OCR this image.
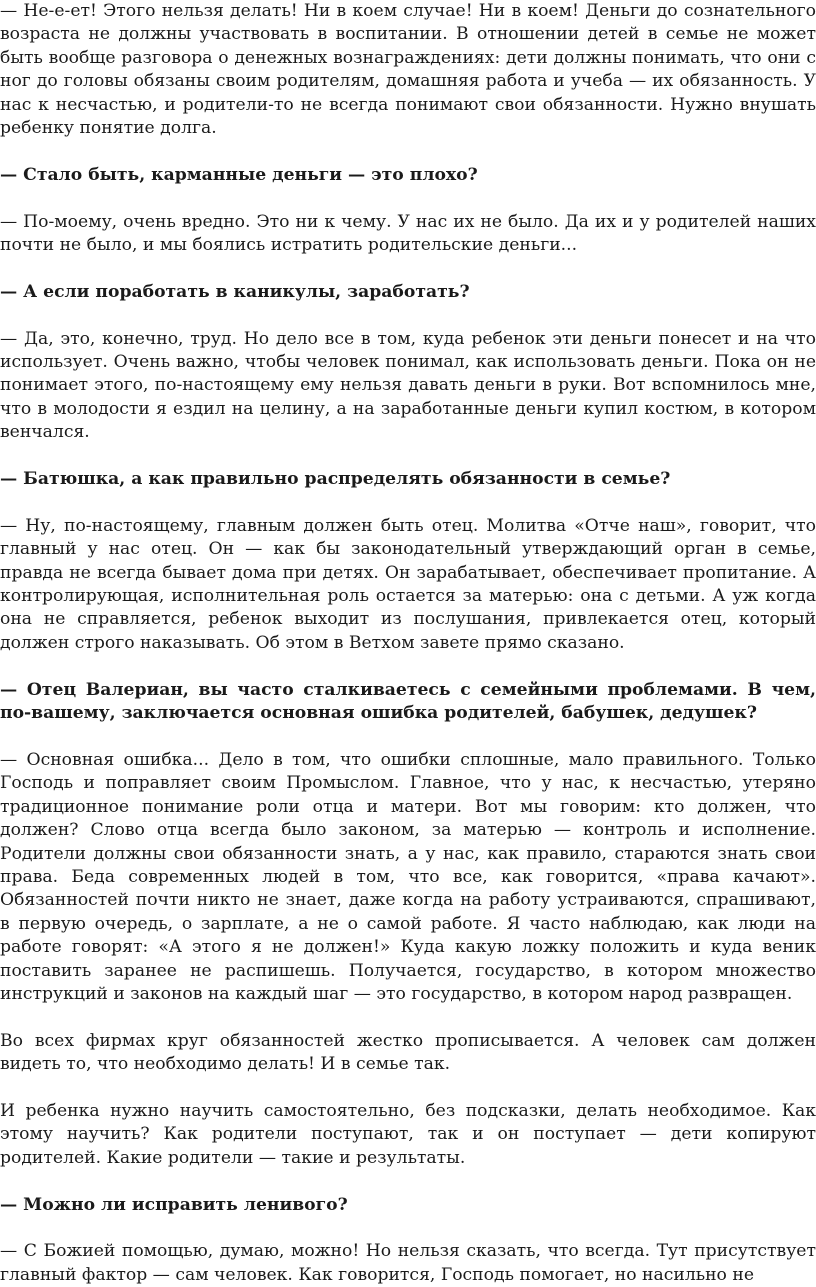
— Не-е-ет! Этого нельзя делать! Ни в коем случае! Ни в коем! Деньги до сознательного возраста не должны участвовать в воспитании. В отношении детей в семье не может быть вообще разговора о денежных вознаграждениях: дети должны понимать, что они с ног до головы обязаны своим родителям, домашняя работа и учеба — их обязанность. У нас к несчастью, и родители-то не всегда понимают свои обязанности. Нужно внушать ребенку понятие долга.

— Стало быть, карманные деньги — это плохо?

— По-моему, очень вредно. Это ни к чему. У нас их не было. Да их и у родителей наших почти не было, и мы боялись истратить родительские деньги...

— А если поработать в каникулы, заработать?

— Да, это, конечно, труд. Но дело все в том, куда ребенок эти деньги понесет и на что использует. Очень важно, чтобы человек понимал, как использовать деньги. Пока он не понимает этого, по-настоящему ему нельзя давать деньги в руки. Вот вспомнилось мне, что в молодости я ездил на целину, а на заработанные деньги купил костюм, в котором венчался.

— Батюшка, а как правильно распределять обязанности в семье?

— Ну, по-настоящему, главным должен быть отец. Молитва «Отче наш», говорит, что главный у нас отец. Он — как бы законодательный утверждающий орган в семье, правда не всегда бывает дома при детях. Он зарабатывает, обеспечивает пропитание. А контролирующая, исполнительная роль остается за матерью: она с детьми. А уж когда она не справляется, ребенок выходит из послушания, привлекается отец, который должен строго наказывать. Об этом в Ветхом завете прямо сказано.

— Отец Валериан, вы часто сталкиваетесь с семейными проблемами. В чем, по-вашему, заключается основная ошибка родителей, бабушек, дедушек?

— Основная ошибка... Дело в том, что ошибки сплошные, мало правильного. Только Господь и поправляет своим Промыслом. Главное, что у нас, к несчастью, утеряно традиционное понимание роли отца и матери. Вот мы говорим: кто должен, что должен? Слово отца всегда было законом, за матерью — контроль и исполнение. Родители должны свои обязанности знать, а у нас, как правило, стараются знать свои права. Беда современных людей в том, что все, как говорится, «права качают». Обязанностей почти никто не знает, даже когда на работу устраиваются, спрашивают, в первую очередь, о зарплате, а не о самой работе. Я часто наблюдаю, как люди на работе говорят: «А этого я не должен!» Куда какую ложку положить и куда веник поставить заранее не распишешь. Получается, государство, в котором множество инструкций и законов на каждый шаг — это государство, в котором народ развращен.

Во всех фирмах круг обязанностей жестко прописывается. А человек сам должен видеть то, что необходимо делать! И в семье так.

И ребенка нужно научить самостоятельно, без подсказки, делать необходимое. Как этому научить? Как родители поступают, так и он поступает — дети копируют родителей. Какие родители — такие и результаты.

— Можно ли исправить ленивого?

— С Божией помощью, думаю, можно! Но нельзя сказать, что всегда. Тут присутствует главный фактор — сам человек. Как говорится, Господь помогает, но насильно не
